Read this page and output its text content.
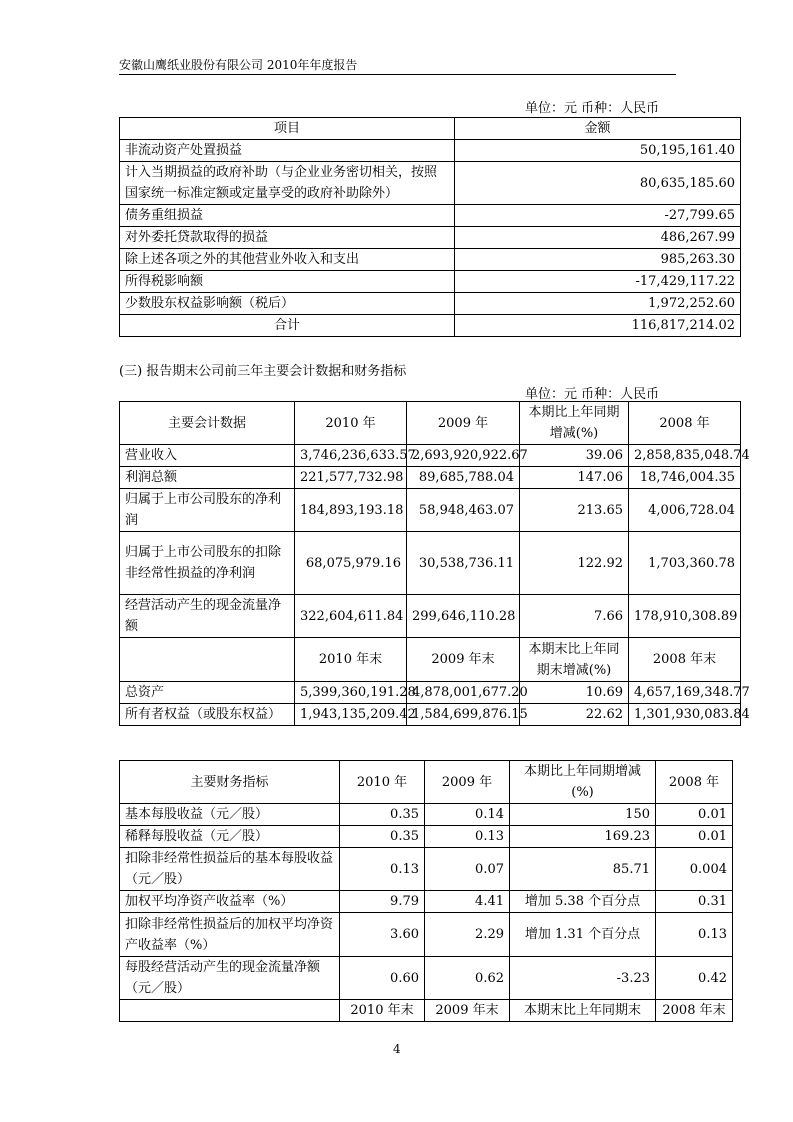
安徽山鹰纸业股份有限公司 2010年年度报告
单位：元 币种：人民币
项目	金额
非流动资产处置损益	50,195,161.40
计入当期损益的政府补助（与企业业务密切相关，按照国家统一标准定额或定量享受的政府补助除外）	80,635,185.60
债务重组损益	-27,799.65
对外委托贷款取得的损益	486,267.99
除上述各项之外的其他营业外收入和支出	985,263.30
所得税影响额	-17,429,117.22
少数股东权益影响额（税后）	1,972,252.60
合计	116,817,214.02
(三) 报告期末公司前三年主要会计数据和财务指标
单位：元 币种：人民币
主要会计数据	2010 年	2009 年	本期比上年同期增减(%)	2008 年
营业收入	3,746,236,633.57	2,693,920,922.67	39.06	2,858,835,048.74
利润总额	221,577,732.98	89,685,788.04	147.06	18,746,004.35
归属于上市公司股东的净利润	184,893,193.18	58,948,463.07	213.65	4,006,728.04
归属于上市公司股东的扣除非经常性损益的净利润	68,075,979.16	30,538,736.11	122.92	1,703,360.78
经营活动产生的现金流量净额	322,604,611.84	299,646,110.28	7.66	178,910,308.89
	2010 年末	2009 年末	本期末比上年同期末增减(%)	2008 年末
总资产	5,399,360,191.28	4,878,001,677.20	10.69	4,657,169,348.77
所有者权益（或股东权益）	1,943,135,209.42	1,584,699,876.15	22.62	1,301,930,083.84
主要财务指标	2010 年	2009 年	本期比上年同期增减(%)	2008 年
基本每股收益（元／股）	0.35	0.14	150	0.01
稀释每股收益（元／股）	0.35	0.13	169.23	0.01
扣除非经常性损益后的基本每股收益（元／股）	0.13	0.07	85.71	0.004
加权平均净资产收益率（%）	9.79	4.41	增加 5.38 个百分点	0.31
扣除非经常性损益后的加权平均净资产收益率（%）	3.60	2.29	增加 1.31 个百分点	0.13
每股经营活动产生的现金流量净额（元／股）	0.60	0.62	-3.23	0.42
	2010 年末	2009 年末	本期末比上年同期末	2008 年末
4
